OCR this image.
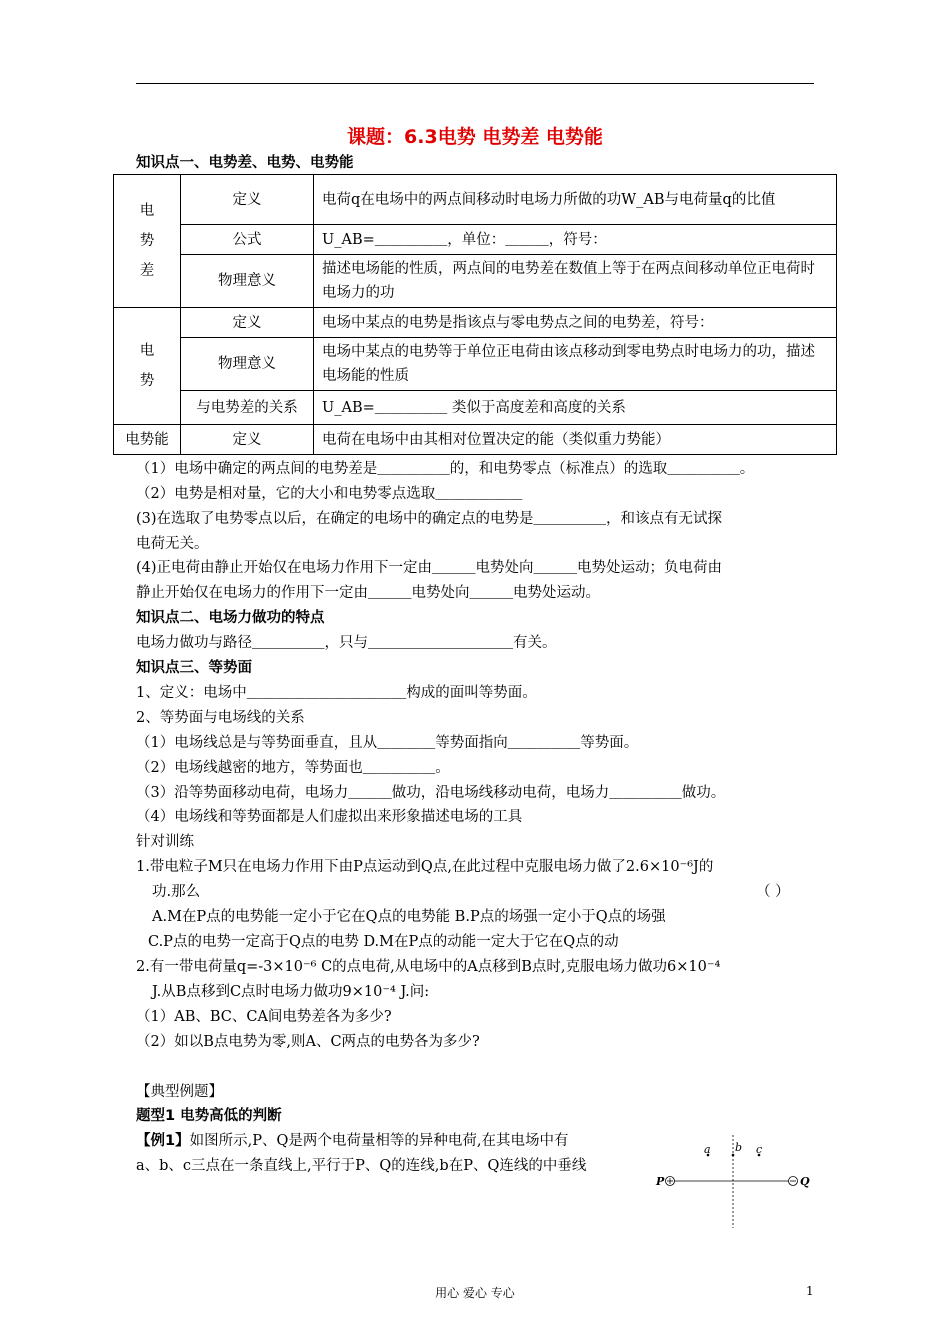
课题：6.3电势 电势差 电势能
知识点一、电势差、电势、电势能
电势差	定义	电荷q在电场中的两点间移动时电场力所做的功W_AB与电荷量q的比值
	公式	U_AB=＿＿＿＿＿，单位：＿＿＿，符号：
	物理意义	描述电场能的性质，两点间的电势差在数值上等于在两点间移动单位正电荷时电场力的功
电势	定义	电场中某点的电势是指该点与零电势点之间的电势差，符号：
	物理意义	电场中某点的电势等于单位正电荷由该点移动到零电势点时电场力的功，描述电场能的性质
	与电势差的关系	U_AB=＿＿＿＿＿ 类似于高度差和高度的关系
电势能	定义	电荷在电场中由其相对位置决定的能（类似重力势能）
（1）电场中确定的两点间的电势差是＿＿＿＿＿的，和电势零点（标准点）的选取＿＿＿＿＿。
（2）电势是相对量，它的大小和电势零点选取＿＿＿＿＿＿
(3)在选取了电势零点以后，在确定的电场中的确定点的电势是＿＿＿＿＿，和该点有无试探
电荷无关。
(4)正电荷由静止开始仅在电场力作用下一定由＿＿＿电势处向＿＿＿电势处运动；负电荷由
静止开始仅在电场力的作用下一定由＿＿＿电势处向＿＿＿电势处运动。
知识点二、电场力做功的特点
电场力做功与路径＿＿＿＿＿，只与＿＿＿＿＿＿＿＿＿＿有关。
知识点三、等势面
1、定义：电场中＿＿＿＿＿＿＿＿＿＿＿构成的面叫等势面。
2、等势面与电场线的关系
（1）电场线总是与等势面垂直，且从＿＿＿＿等势面指向＿＿＿＿＿等势面。
（2）电场线越密的地方，等势面也＿＿＿＿＿。
（3）沿等势面移动电荷，电场力＿＿＿做功，沿电场线移动电荷，电场力＿＿＿＿＿做功。
（4）电场线和等势面都是人们虚拟出来形象描述电场的工具
针对训练
1.带电粒子M只在电场力作用下由P点运动到Q点,在此过程中克服电场力做了2.6×10⁻⁶J的
功.那么	（ ）
A.M在P点的电势能一定小于它在Q点的电势能 B.P点的场强一定小于Q点的场强
C.P点的电势一定高于Q点的电势 D.M在P点的动能一定大于它在Q点的动
2.有一带电荷量q=-3×10⁻⁶ C的点电荷,从电场中的A点移到B点时,克服电场力做功6×10⁻⁴
J.从B点移到C点时电场力做功9×10⁻⁴ J.问:
（1）AB、BC、CA间电势差各为多少?
（2）如以B点电势为零,则A、C两点的电势各为多少?
【典型例题】
题型1 电势高低的判断
【例1】如图所示,P、Q是两个电荷量相等的异种电荷,在其电场中有
a、b、c三点在一条直线上,平行于P、Q的连线,b在P、Q连线的中垂线
a b c
P	Q
用心 爱心 专心	1
